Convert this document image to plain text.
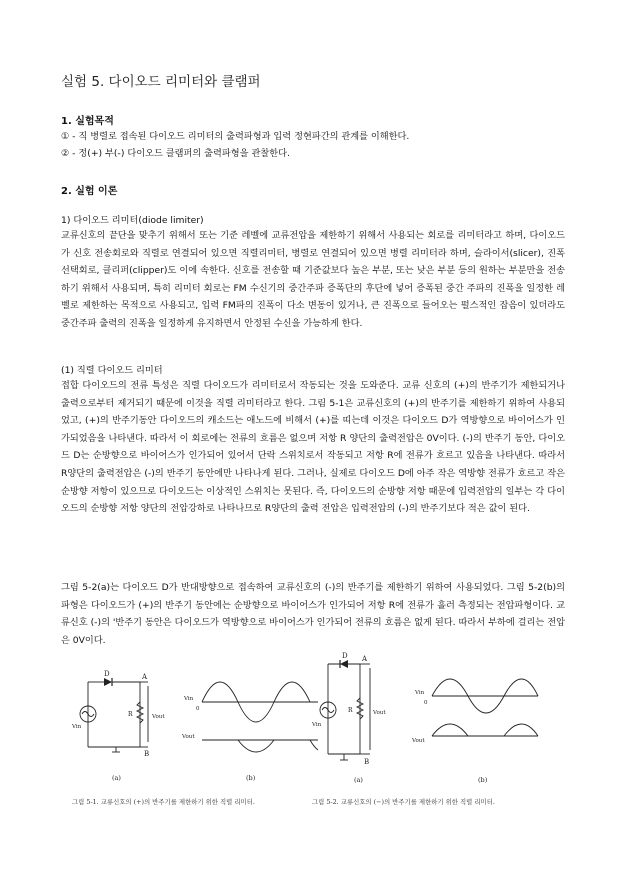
실험 5. 다이오드 리미터와 클램퍼
1. 실험목적
① - 직 병렬로 접속된 다이오드 리미터의 출력파형과 입력 정현파간의 관계를 이해한다.
② - 정(+) 부(-) 다이오드 클램퍼의 출력파형을 관찰한다.
2. 실험 이론
1) 다이오드 리미터(diode limiter)
교류신호의 끝단을 맞추기 위해서 또는 기준 레벨에 교류전압을 제한하기 위해서 사용되는 회로를 리미터라고 하며, 다이오드가 신호 전송회로와 직렬로 연결되어 있으면 직렬리미터, 병렬로 연결되어 있으면 병렬 리미터라 하며, 슬라이서(slicer), 진폭선택회로, 클리퍼(clipper)도 이에 속한다. 신호를 전송할 때 기준값보다 높은 부분, 또는 낮은 부분 등의 원하는 부분만을 전송하기 위해서 사용되며, 특히 리미터 회로는 FM 수신기의 중간주파 증폭단의 후단에 넣어 증폭된 중간 주파의 진폭을 일정한 레벨로 제한하는 목적으로 사용되고, 입력 FM파의 진폭이 다소 변동이 있거나, 큰 진폭으로 들어오는 펄스적인 잡음이 있더라도 중간주파 출력의 진폭을 일정하게 유지하면서 안정된 수신을 가능하게 한다.
(1) 직렬 다이오드 리미터
접합 다이오드의 전류 특성은 직렬 다이오드가 리미터로서 작동되는 것을 도와준다. 교류 신호의 (+)의 반주기가 제한되거나 출력으로부터 제거되기 때문에 이것을 직렬 리미터라고 한다. 그림 5-1은 교류신호의 (+)의 반주기를 제한하기 위하여 사용되었고, (+)의 반주기동안 다이오드의 캐소드는 애노드에 비해서 (+)를 띠는데 이것은 다이오드 D가 역방향으로 바이어스가 인가되었음을 나타낸다. 따라서 이 회로에는 전류의 흐름은 없으며 저항 R 양단의 출력전압은 0V이다. (-)의 반주기 동안, 다이오드 D는 순방향으로 바이어스가 인가되어 있어서 단락 스위치로서 작동되고 저항 R에 전류가 흐르고 있음을 나타낸다. 따라서 R양단의 출력전압은 (-)의 반주기 동안에만 나타나게 된다. 그러나, 실제로 다이오드 D에 아주 작은 역방향 전류가 흐르고 작은 순방향 저항이 있으므로 다이오드는 이상적인 스위치는 못된다. 즉, 다이오드의 순방향 저항 때문에 입력전압의 일부는 각 다이오드의 순방향 저항 양단의 전압강하로 나타나므로 R양단의 출력 전압은 입력전압의 (-)의 반주기보다 적은 값이 된다.
그림 5-2(a)는 다이오드 D가 반대방향으로 접속하여 교류신호의 (-)의 반주기를 제한하기 위하여 사용되었다. 그림 5-2(b)의 파형은 다이오드가 (+)의 반주기 동안에는 순방향으로 바이어스가 인가되어 저항 R에 전류가 흘러 측정되는 전압파형이다. 교류신호 (-)의 '반주기 동안은 다이오드가 역방향으로 바이어스가 인가되어 전류의 흐름은 없게 된다. 따라서 부하에 걸리는 전압은 0V이다.
D	A
B
R
Vin
Vout
(a)
Vin
0
Vout
(b)
D A
B
R
Vin
Vout
(a)
Vin
0
Vout
(b)
그림 5-1. 교류신호의 (+)의 반주기를 제한하기 위한 직렬 리미터.	그림 5-2. 교류신호의 (−)의 반주기를 제한하기 위한 직렬 리미터.
